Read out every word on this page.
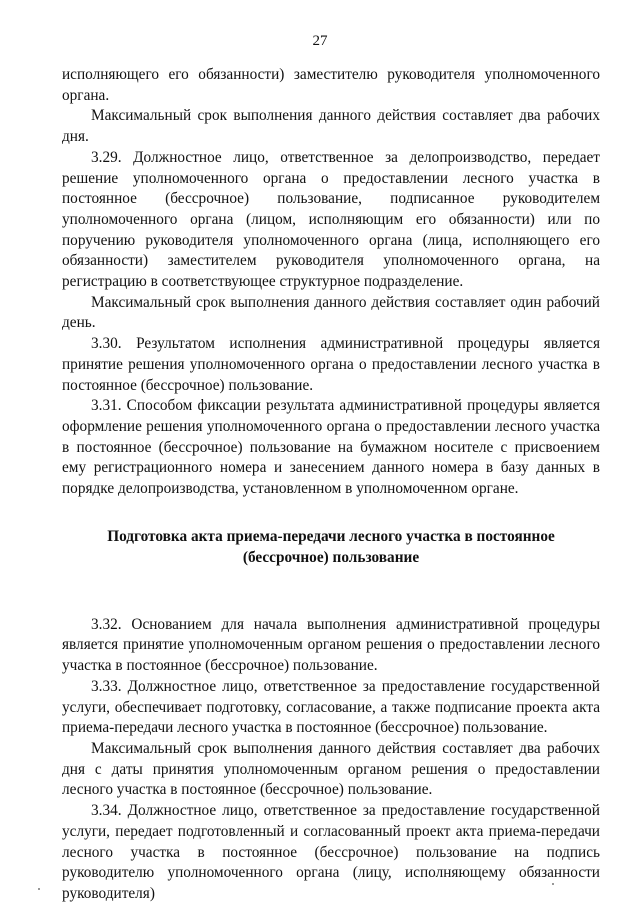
27

исполняющего его обязанности) заместителю руководителя уполномоченного органа.

Максимальный срок выполнения данного действия составляет два рабочих дня.

3.29. Должностное лицо, ответственное за делопроизводство, передает решение уполномоченного органа о предоставлении лесного участка в постоянное (бессрочное) пользование, подписанное руководителем уполномоченного органа (лицом, исполняющим его обязанности) или по поручению руководителя уполномоченного органа (лица, исполняющего его обязанности) заместителем руководителя уполномоченного органа, на регистрацию в соответствующее структурное подразделение.

Максимальный срок выполнения данного действия составляет один рабочий день.

3.30. Результатом исполнения административной процедуры является принятие решения уполномоченного органа о предоставлении лесного участка в постоянное (бессрочное) пользование.

3.31. Способом фиксации результата административной процедуры является оформление решения уполномоченного органа о предоставлении лесного участка в постоянное (бессрочное) пользование на бумажном носителе с присвоением ему регистрационного номера и занесением данного номера в базу данных в порядке делопроизводства, установленном в уполномоченном органе.

Подготовка акта приема-передачи лесного участка в постоянное
(бессрочное) пользование

3.32. Основанием для начала выполнения административной процедуры является принятие уполномоченным органом решения о предоставлении лесного участка в постоянное (бессрочное) пользование.

3.33. Должностное лицо, ответственное за предоставление государственной услуги, обеспечивает подготовку, согласование, а также подписание проекта акта приема-передачи лесного участка в постоянное (бессрочное) пользование.

Максимальный срок выполнения данного действия составляет два рабочих дня с даты принятия уполномоченным органом решения о предоставлении лесного участка в постоянное (бессрочное) пользование.

3.34. Должностное лицо, ответственное за предоставление государственной услуги, передает подготовленный и согласованный проект акта приема-передачи лесного участка в постоянное (бессрочное) пользование на подпись руководителю уполномоченного органа (лицу, исполняющему обязанности руководителя)
